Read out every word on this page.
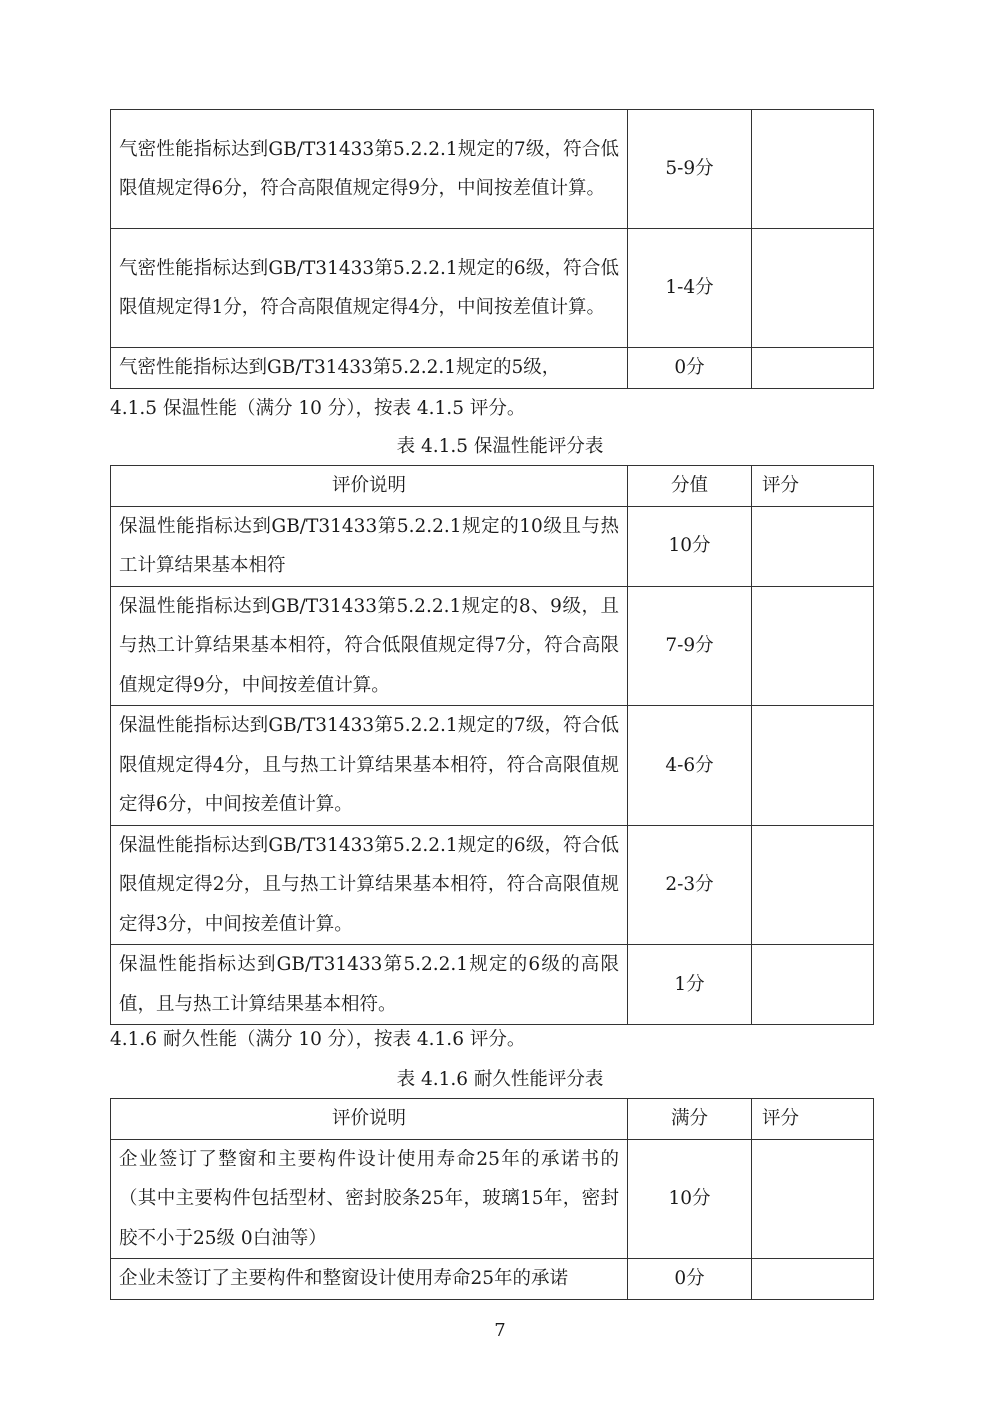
气密性能指标达到GB/T31433第5.2.2.1规定的7级，符合低限值规定得6分，符合高限值规定得9分，中间按差值计算。	5-9分	
气密性能指标达到GB/T31433第5.2.2.1规定的6级，符合低限值规定得1分，符合高限值规定得4分，中间按差值计算。	1-4分	
气密性能指标达到GB/T31433第5.2.2.1规定的5级，	0分	
4.1.5 保温性能（满分 10 分），按表 4.1.5 评分。
表 4.1.5 保温性能评分表
评价说明	分值	评分
保温性能指标达到GB/T31433第5.2.2.1规定的10级且与热工计算结果基本相符	10分	
保温性能指标达到GB/T31433第5.2.2.1规定的8、9级，且与热工计算结果基本相符，符合低限值规定得7分，符合高限值规定得9分，中间按差值计算。	7-9分	
保温性能指标达到GB/T31433第5.2.2.1规定的7级，符合低限值规定得4分，且与热工计算结果基本相符，符合高限值规定得6分，中间按差值计算。	4-6分	
保温性能指标达到GB/T31433第5.2.2.1规定的6级，符合低限值规定得2分，且与热工计算结果基本相符，符合高限值规定得3分，中间按差值计算。	2-3分	
保温性能指标达到GB/T31433第5.2.2.1规定的6级的高限值，且与热工计算结果基本相符。	1分	
4.1.6 耐久性能（满分 10 分），按表 4.1.6 评分。
表 4.1.6 耐久性能评分表
评价说明	满分	评分
企业签订了整窗和主要构件设计使用寿命25年的承诺书的（其中主要构件包括型材、密封胶条25年，玻璃15年，密封胶不小于25级 0白油等）	10分	
企业未签订了主要构件和整窗设计使用寿命25年的承诺	0分	
7
